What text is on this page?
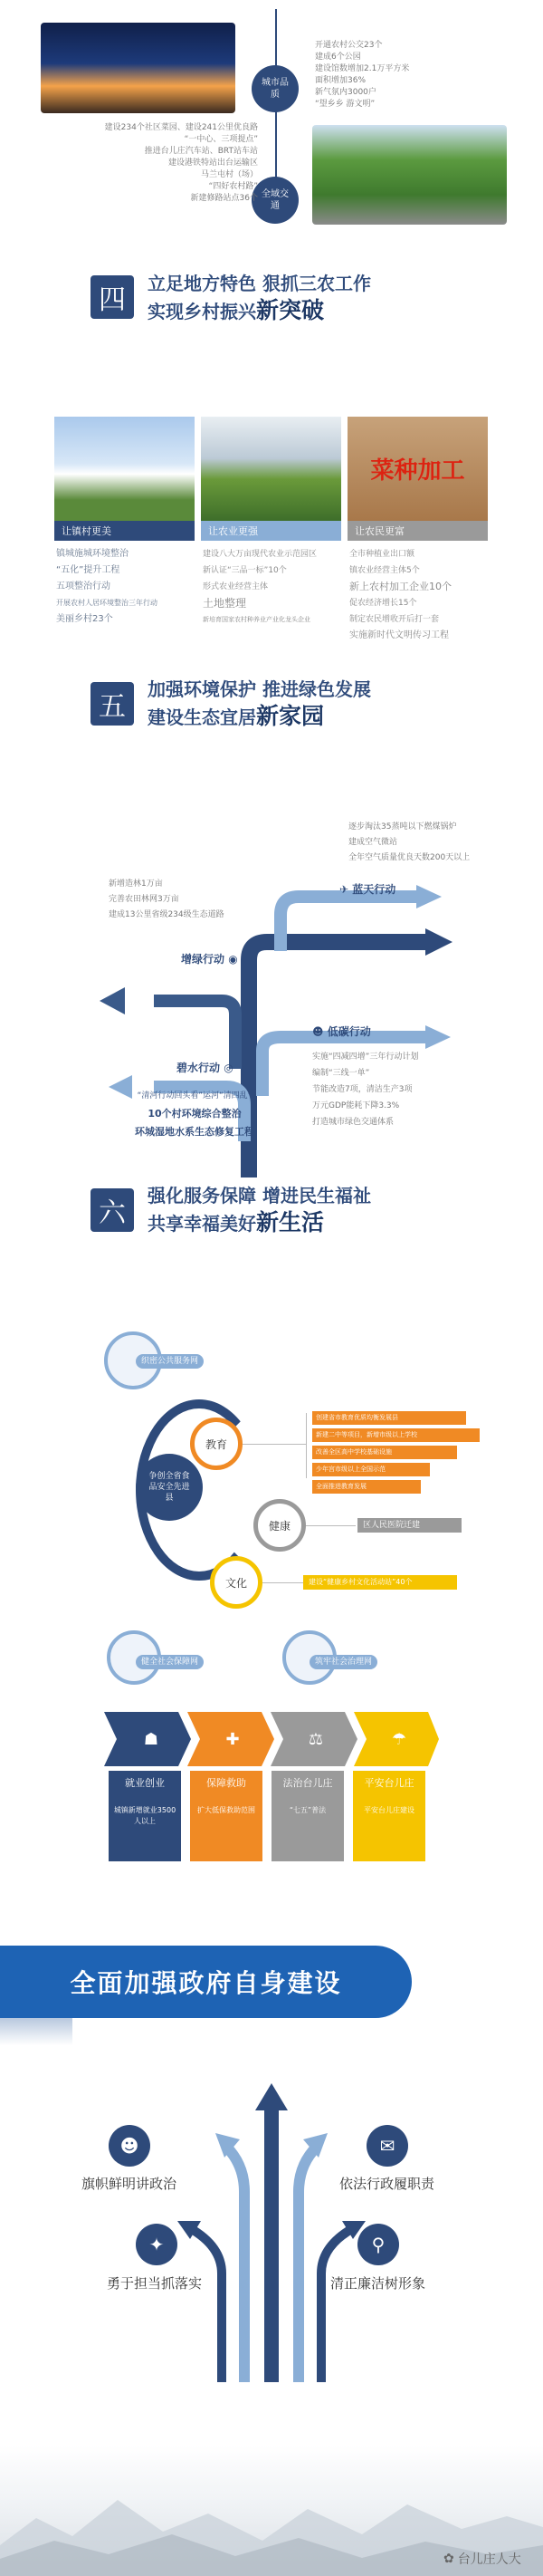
城市品质
开通农村公交23个
建成6个公园
建设馆数增加2.1万平方米
面积增加36%
新气氛内3000户
“望乡乡 游文明”
全域交通
建设234个社区菜园、建设241公里优良路
“一中心、三项提点”
推进台儿庄汽车站、BRT站车站
建设港铁特站出台运输区
马兰屯村（场）
“四好农村路”
新建修路站点36个
四
立足地方特色 狠抓三农工作
实现乡村振兴新突破
让镇村更美	让农业更强
菜种加工
让农民更富
镇城施城环境整治
“五化”提升工程
五项整治行动
开展农村人居环境整治三年行动
美丽乡村23个
建设八大万亩现代农业示范园区
新认证“三品一标”10个
形式农业经营主体
土地整理
新培育国家农村种养业产业化龙头企业
全市种植业出口额
镇农业经营主体5个
新上农村加工企业10个
促农经济增长15个
制定农民增收开后打一套
实施新时代文明传习工程
五
加强环境保护 推进绿色发展
建设生态宜居新家园
逐步淘汰35蒸吨以下燃煤锅炉
建成空气微站
全年空气质量优良天数200天以上
新增造林1万亩
完善农田林网3万亩
建成13公里省级234级生态道路
✈ 蓝天行动
增绿行动 ◉
☻ 低碳行动
碧水行动 ◎
“清河行动回头看”运河“清四乱”
10个村环境综合整治
环城湿地水系生态修复工程
实施“四减四增”三年行动计划
编制“三线一单”
节能改造7项，清洁生产3项
万元GDP能耗下降3.3%
打造城市绿色交通体系
六
强化服务保障 增进民生福祉
共享幸福美好新生活
织密公共服务网
教育
争创全省食品安全先进县
健康
文化
创建省市教育优质均衡发展县
新建二中等项目，新增市级以上学校
改善全区高中学校基础设施
少年宫市级以上全国示范
全面推进教育发展
区人民医院迁建
建设“健康乡村文化活动站”40个
健全社会保障网	筑牢社会治理网
☗	✚	⚖	☂
就业创业
城镇新增就业3500人以上
保障救助
扩大低保救助范围
法治台儿庄
“七五”普法
平安台儿庄
平安台儿庄建设
全面加强政府自身建设
☻
旗帜鲜明讲政治
✉
依法行政履职责
✦
勇于担当抓落实
⚲
清正廉洁树形象
✿ 台儿庄人大
